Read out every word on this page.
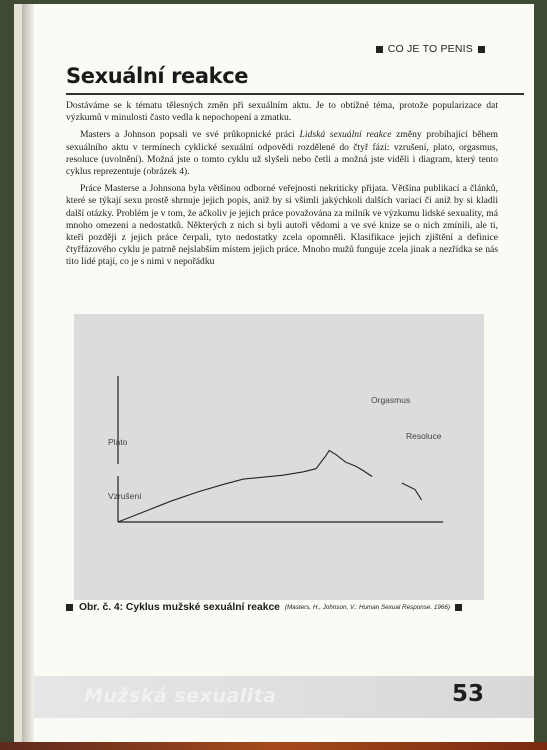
CO JE TO PENIS
Sexuální reakce

Dostáváme se k tématu tělesných změn při sexuálním aktu. Je to obtížné téma, protože popularizace dat výzkumů v minulosti často vedla k nepochopení a zmatku.

Masters a Johnson popsali ve své průkopnické práci Lidská sexuální reakce změny probíhající během sexuálního aktu v termínech cyklické sexuální odpovědi rozdělené do čtyř fází: vzrušení, plato, orgasmus, resoluce (uvolnění). Možná jste o tomto cyklu už slyšeli nebo četli a možná jste viděli i diagram, který tento cyklus reprezentuje (obrázek 4).

Práce Masterse a Johnsona byla většinou odborné veřejnosti nekriticky přijata. Většina publikací a článků, které se týkají sexu prostě shrnuje jejich popis, aniž by si všimli jakýchkoli dalších variací či aniž by si kladli další otázky. Problém je v tom, že ačkoliv je jejich práce považována za milník ve výzkumu lidské sexuality, má mnoho omezení a nedostatků. Některých z nich si byli autoři vědomi a ve své knize se o nich zmínili, ale ti, kteří později z jejich práce čerpali, tyto nedostatky zcela opomněli. Klasifikace jejich zjištění a definice čtyřfázového cyklu je patrně nejslabším místem jejich práce. Mnoho mužů funguje zcela jinak a nezřídka se nás tito lidé ptají, co je s nimi v nepořádku

Vzrušení
Plato
Orgasmus
Resoluce
Obr. č. 4: Cyklus mužské sexuální reakce (Masters, H., Johnson, V.: Human Sexual Response. 1966)
Mužská sexualita	53
